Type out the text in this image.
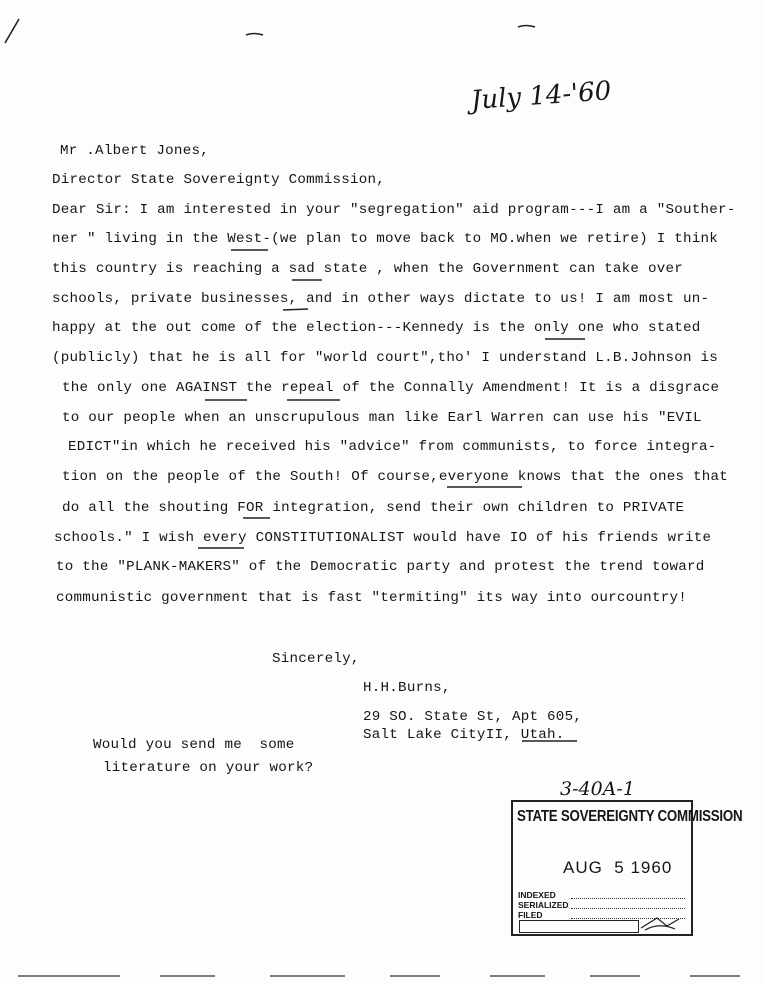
July 14-'60
Mr .Albert Jones,
Director State Sovereignty Commission,
Dear Sir: I am interested in your "segregation" aid program---I am a "Souther-
ner " living in the West-(we plan to move back to MO.when we retire) I think
this country is reaching a sad state , when the Government can take over
schools, private businesses, and in other ways dictate to us! I am most un-
happy at the out come of the election---Kennedy is the only one who stated
(publicly) that he is all for "world court",tho' I understand L.B.Johnson is
the only one AGAINST the repeal of the Connally Amendment! It is a disgrace
to our people when an unscrupulous man like Earl Warren can use his "EVIL
EDICT"in which he received his "advice" from communists, to force integra-
tion on the people of the South! Of course,everyone knows that the ones that
do all the shouting FOR integration, send their own children to PRIVATE
schools." I wish every CONSTITUTIONALIST would have IO of his friends write
to the "PLANK-MAKERS" of the Democratic party and protest the trend toward
communistic government that is fast "termiting" its way into ourcountry!
Sincerely,
H.H.Burns,
29 SO. State St, Apt 605,
Salt Lake CityII, Utah.
Would you send me  some
literature on your work?
3-40A-1
STATE SOVEREIGNTY COMMISSION
AUG  5 1960
INDEXED
SERIALIZED
FILED
